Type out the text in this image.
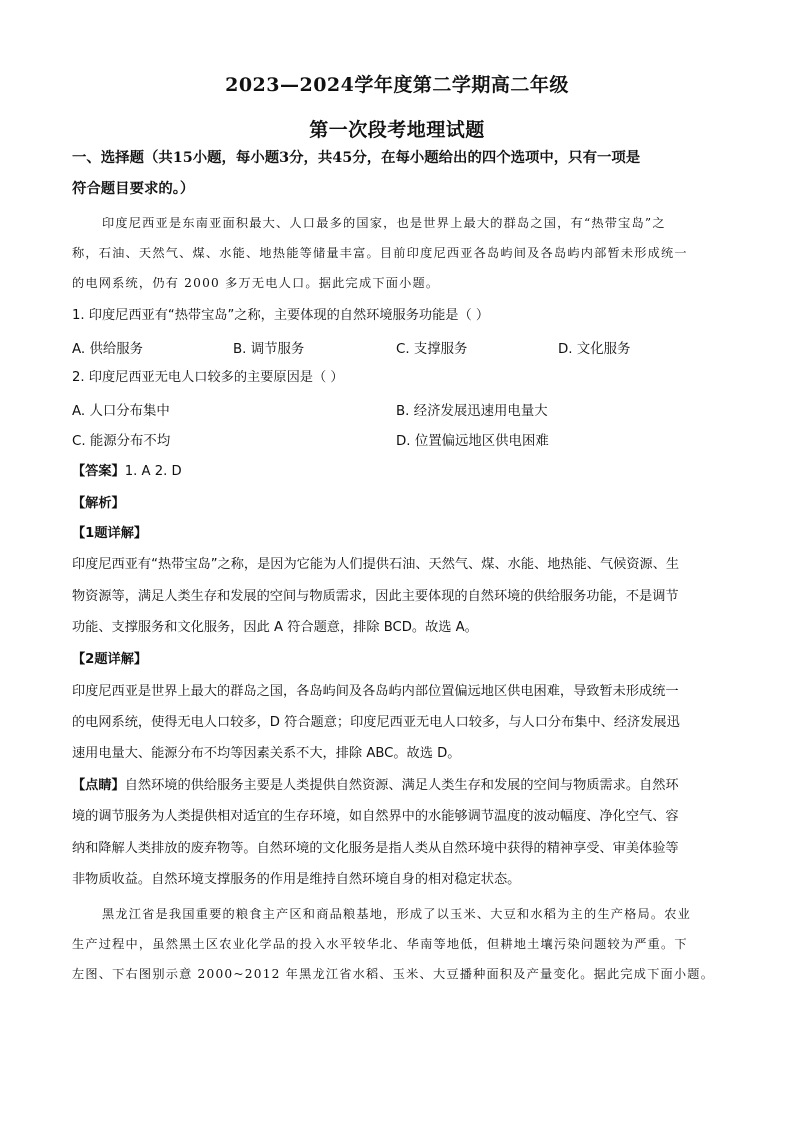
2023—2024学年度第二学期高二年级
第一次段考地理试题
一、选择题（共15小题，每小题3分，共45分，在每小题给出的四个选项中，只有一项是
符合题目要求的。）
印度尼西亚是东南亚面积最大、人口最多的国家，也是世界上最大的群岛之国，有“热带宝岛”之
称，石油、天然气、煤、水能、地热能等储量丰富。目前印度尼西亚各岛屿间及各岛屿内部暂未形成统一
的电网系统，仍有 2000 多万无电人口。据此完成下面小题。
1. 印度尼西亚有“热带宝岛”之称，主要体现的自然环境服务功能是（ ）
A. 供给服务	B. 调节服务	C. 支撑服务	D. 文化服务
2. 印度尼西亚无电人口较多的主要原因是（ ）
A. 人口分布集中	B. 经济发展迅速用电量大
C. 能源分布不均	D. 位置偏远地区供电困难
【答案】1. A 2. D
【解析】
【1题详解】
印度尼西亚有“热带宝岛”之称，是因为它能为人们提供石油、天然气、煤、水能、地热能、气候资源、生
物资源等，满足人类生存和发展的空间与物质需求，因此主要体现的自然环境的供给服务功能，不是调节
功能、支撑服务和文化服务，因此 A 符合题意，排除 BCD。故选 A。
【2题详解】
印度尼西亚是世界上最大的群岛之国，各岛屿间及各岛屿内部位置偏远地区供电困难，导致暂未形成统一
的电网系统，使得无电人口较多，D 符合题意；印度尼西亚无电人口较多，与人口分布集中、经济发展迅
速用电量大、能源分布不均等因素关系不大，排除 ABC。故选 D。
【点睛】自然环境的供给服务主要是人类提供自然资源、满足人类生存和发展的空间与物质需求。自然环
境的调节服务为人类提供相对适宜的生存环境，如自然界中的水能够调节温度的波动幅度、净化空气、容
纳和降解人类排放的废弃物等。自然环境的文化服务是指人类从自然环境中获得的精神享受、审美体验等
非物质收益。自然环境支撑服务的作用是维持自然环境自身的相对稳定状态。
黑龙江省是我国重要的粮食主产区和商品粮基地，形成了以玉米、大豆和水稻为主的生产格局。农业
生产过程中，虽然黑土区农业化学品的投入水平较华北、华南等地低，但耕地土壤污染问题较为严重。下
左图、下右图别示意 2000~2012 年黑龙江省水稻、玉米、大豆播种面积及产量变化。据此完成下面小题。
